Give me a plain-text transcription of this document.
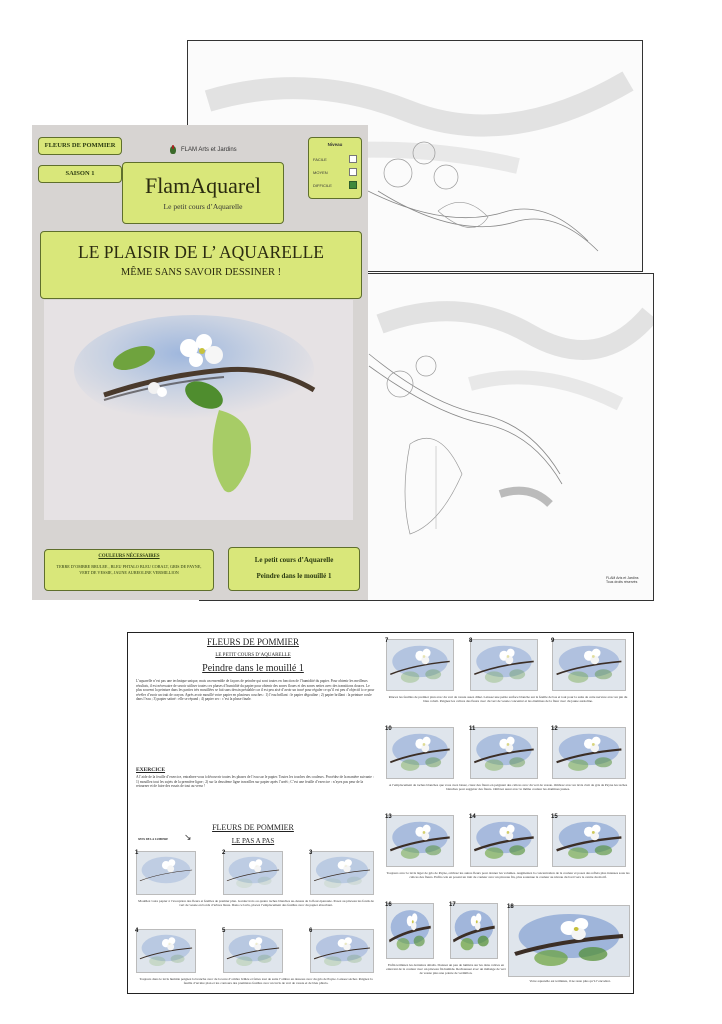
FLAM Arts et Jardins Tous droits réservés
FLEURS DE POMMIER
SAISON 1
FLAM Arts et Jardins
Niveau
FACILE
MOYEN
DIFFICILE
FlamAquarel
Le petit cours d’Aquarelle
LE PLAISIR DE L’ AQUARELLE
MÊME SANS SAVOIR DESSINER !
COULEURS NÉCESSAIRES
TERRE D’OMBRE BRULEE , BLEU PHTALO BLEU COBALT, GRIS DE PAYNE, VERT DE VESSIE, JAUNE AUREOLINE VERMILLION
Le petit cours d’Aquarelle
Peindre dans le mouillé 1
FLEURS DE POMMIER
LE PETIT COURS D’AQUARELLE
Peindre dans le mouillé 1
L’aquarelle n’est pas une technique unique, mais un ensemble de façons de peindre qui sont toutes en fonction de l’humidité du papier. Pour obtenir les meilleurs résultats, il est nécessaire de savoir utiliser toutes ces phases d’humidité du papier pour obtenir des zones floues et des zones nettes avec des transitions douces. Le plus souvent la peinture dans les parties très mouillées se fait sans dessin préalable car il est peu aisé d’avoir un tracé pour réguler ce qu’il est peu d’objectif à ce pour révéler d’avoir un trait de crayon. Après avoir mouillé votre papier en plusieurs couches : 1) l’eau brillant : le papier dégouline ; 2) papier brillant : la peinture coule dans l’eau ; 3) papier satiné : elle se répand ; 4) papier sec : c’est la phase finale.
EXERCICE
A l’aide de la feuille d’exercice, entraînez-vous à découvrir toutes les phases de l’eau sur le papier. Toutes les touches des couleurs. Procédez de la manière suivante : 1) mouillez tout les sujets de la première ligne ; 2) sur la deuxième ligne travaillez sur papier après l’arrêt ; C’est une feuille d’exercice : n’ayez pas peur de la retourner et de faire des essais de tout au verso !
FLEURS DE POMMIER
LE PAS A PAS
SENS DE LA LUMIERE ↘
Mouillez votre papier à l’exception des fleurs et feuilles de premier plan. Gardez trois ou quatre taches blanches au-dessus de la fleur épanouie. Posez au pinceau les fonds de vert de vessie en bords d’arbres bleus. Dans ce lavis, placez l’emplacement des feuilles avec du papier absorbant.
Toujours dans le lavis humide peignez la branche avec de la terre d’ombre brûlée et faites tout de suite l’ombre en dessous avec du gris de Payne. Laissez sécher. Peignez la feuille d’arrière plan et les contours des premières feuilles avec un lavis de vert de vessie et de bleu phtalo.
Rincez les feuilles de premier plan avec du vert de vessie assez dilué. Laissez une petite surface blanche sur la feuille de bas et tout pour la suite de cette nervure avec un pin du bleu cobalt. Peignez les calices des fleurs avec du vert de vessie concentré et les étamines de la fleur avec du jaune auréoline.
A l’emplacement de taches blanches que vous avez laissé, créez des fleurs en peignant des calices avec du vert de vessie. Ombrez avec un lavis clair de gris de Payne les taches blanches pour suggérer des fleurs. Ombrez aussi avec le même couleur les étamines jaunes.
Toujours avec le lavis léger de gris de Payne, ombrez les autres fleurs pour donner les volumes. Augmentez la concentration de la couleur et posez des reflets plus intenses sous les calices des fleurs. Enfin cela en posant un trait de couleur avec un pinceau fin, plus soutenue la couleur au niveau du bord vers le centre du motif.
Enfin terminez les dernières détails. Donnez un peu de lumière sur les dans calices en enlevant de la couleur avec un pinceau fin humide. Rechaussez avec un mélange de vert de vessie plus une pointe de vermillon.
Votre aquarelle est terminée, il ne reste plus qu’à l’encadrer.
1	2	3
4	5	6
7	8	9
10	11	12
13	14	15
16	17	18
